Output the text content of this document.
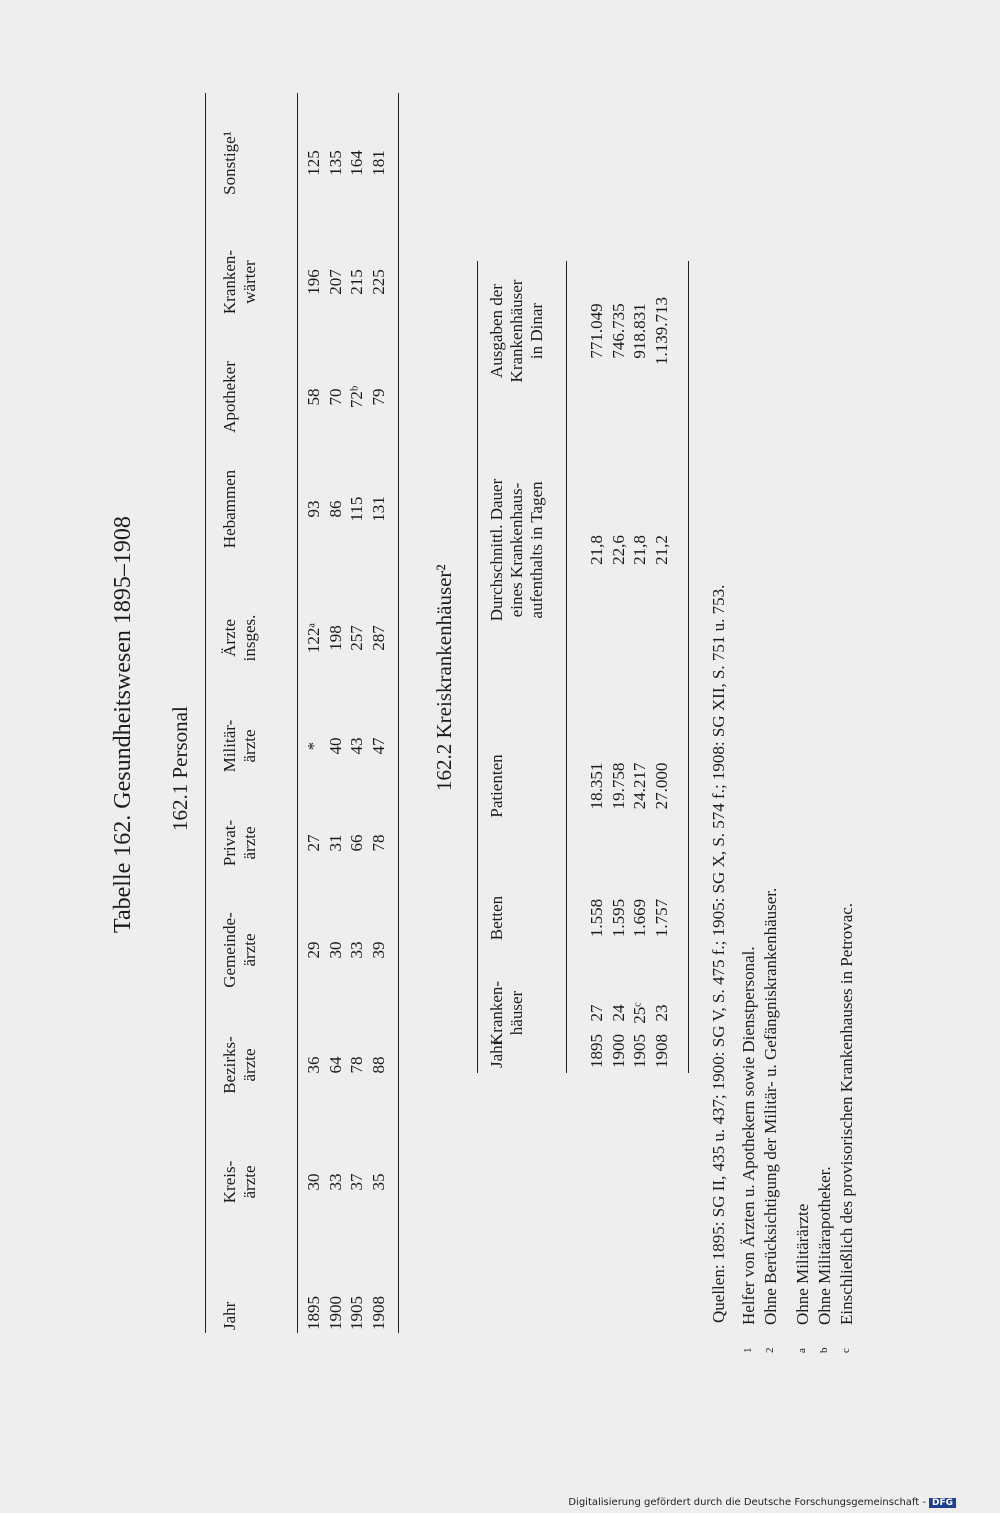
Tabelle 162. Gesundheitswesen 1895–1908 162.1 Personal
Jahr
Kreis- ärzte
Bezirks- ärzte
Gemeinde- ärzte
Privat- ärzte
Militär- ärzte
Ärzte insges.
Hebammen
Apotheker
Kranken- wärter
Sonstige¹
1895
30
36
29
27
*
122ᵃ
93
58
196
125
1900
33
64
30
31
40
198
86
70
207
135
1905
37
78
33
66
43
257
115
72ᵇ
215
164
1908
35
88
39
78
47
287
131
79
225
181
162.2 Kreiskrankenhäuser²
Jahr
Kranken- häuser
Betten
Patienten
Durchschnittl. Dauer eines Krankenhaus- aufenthalts in Tagen
Ausgaben der Krankenhäuser in Dinar
1895
27
1.558
18.351
21,8
771.049
1900
24
1.595
19.758
22,6
746.735
1905
25ᶜ
1.669
24.217
21,8
918.831
1908
23
1.757
27.000
21,2
1.139.713
Quellen: 1895: SG II, 435 u. 437; 1900: SG V, S. 475 f.; 1905: SG X, S. 574 f.; 1908: SG XII, S. 751 u. 753.
1Helfer von Ärzten u. Apothekern sowie Dienstpersonal.
2Ohne Berücksichtigung der Militär- u. Gefängniskrankenhäuser.
aOhne Militärärzte
bOhne Militärapotheker.
cEinschließlich des provisorischen Krankenhauses in Petrovac.
Digitalisierung gefördert durch die Deutsche Forschungsgemeinschaft - DFG
